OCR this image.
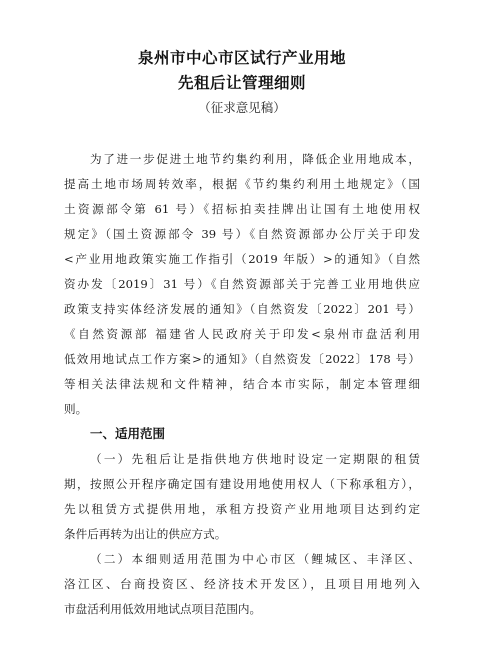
泉州市中心市区试行产业用地
先租后让管理细则
（征求意见稿）
为了进一步促进土地节约集约利用，降低企业用地成本，
提高土地市场周转效率，根据《节约集约利用土地规定》（国
土资源部令第 61 号）《招标拍卖挂牌出让国有土地使用权
规定》（国土资源部令 39 号）《自然资源部办公厅关于印发
<产业用地政策实施工作指引（2019 年版）>的通知》（自然
资办发〔2019〕31 号）《自然资源部关于完善工业用地供应
政策支持实体经济发展的通知》（自然资发〔2022〕201 号）
《自然资源部 福建省人民政府关于印发<泉州市盘活利用
低效用地试点工作方案>的通知》（自然资发〔2022〕178 号）
等相关法律法规和文件精神，结合本市实际，制定本管理细
则。
一、适用范围
（一）先租后让是指供地方供地时设定一定期限的租赁
期，按照公开程序确定国有建设用地使用权人（下称承租方），
先以租赁方式提供用地，承租方投资产业用地项目达到约定
条件后再转为出让的供应方式。
（二）本细则适用范围为中心市区（鲤城区、丰泽区、
洛江区、台商投资区、经济技术开发区），且项目用地列入
市盘活利用低效用地试点项目范围内。
